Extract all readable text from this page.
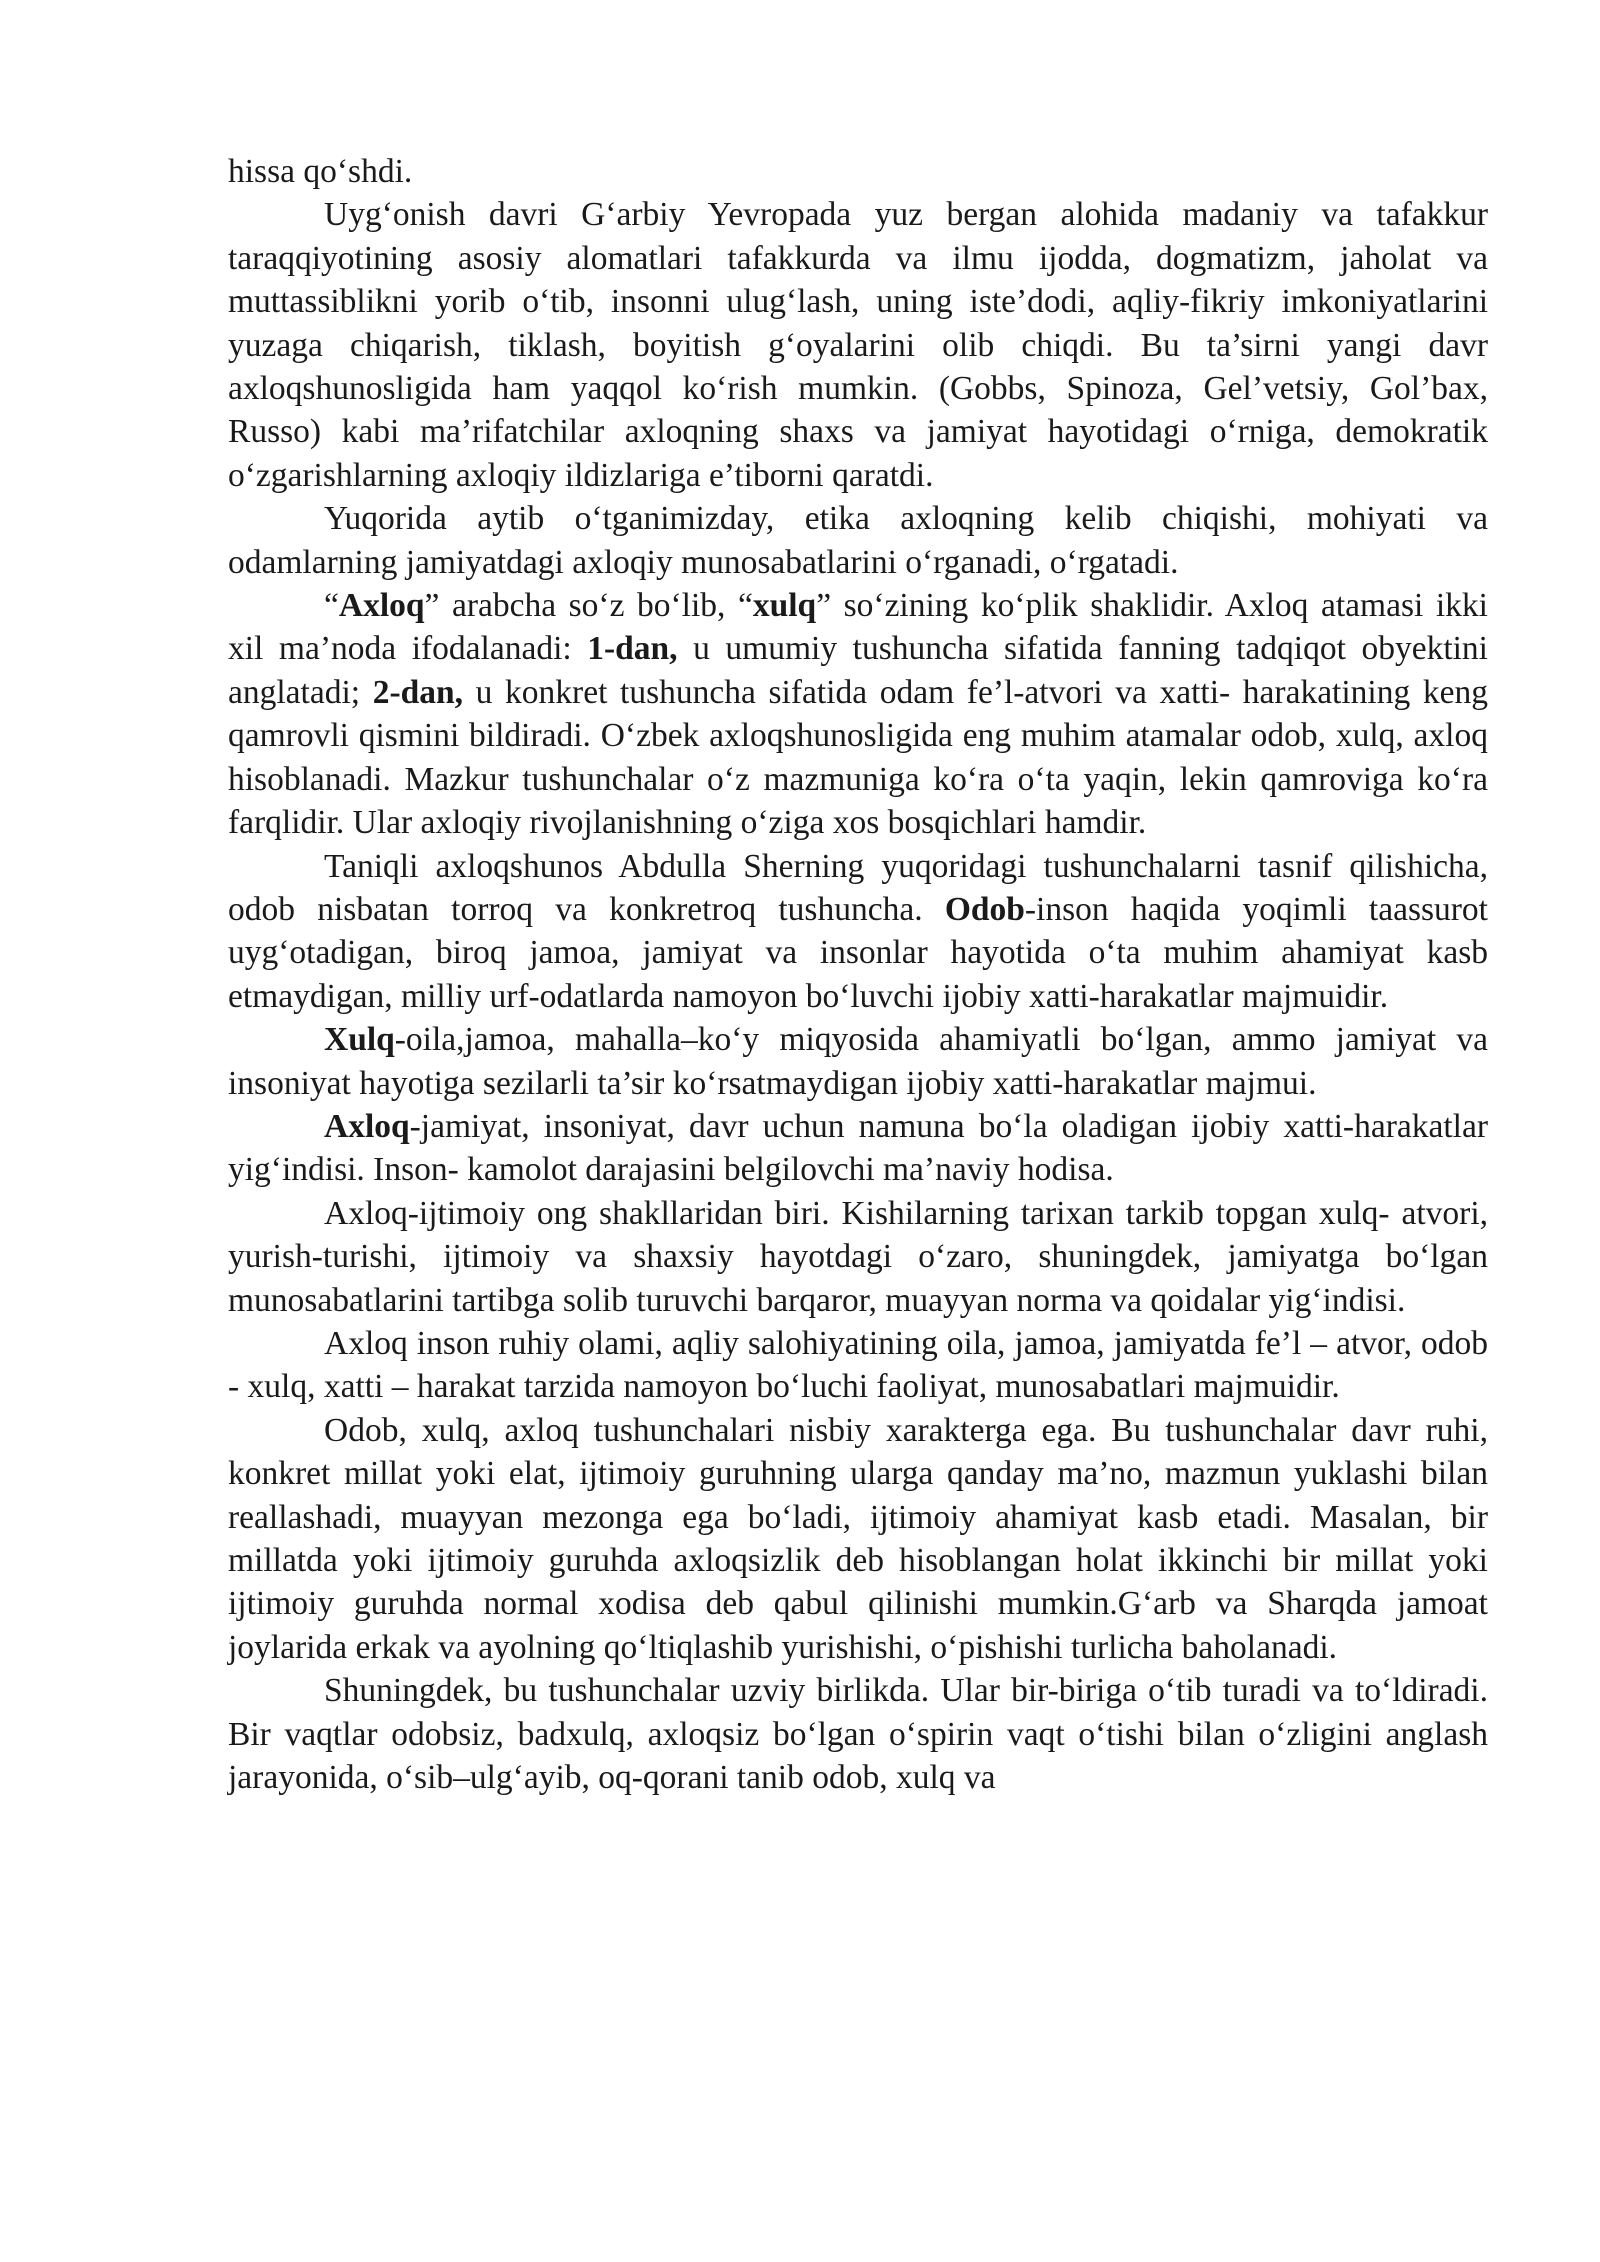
hissa qo‘shdi.

Uyg‘onish davri G‘arbiy Yevropada yuz bergan alohida madaniy va tafakkur taraqqiyotining asosiy alomatlari tafakkurda va ilmu ijodda, dogmatizm, jaholat va muttassiblikni yorib o‘tib, insonni ulug‘lash, uning iste’dodi, aqliy-fikriy imkoniyatlarini yuzaga chiqarish, tiklash, boyitish g‘oyalarini olib chiqdi. Bu ta’sirni yangi davr axloqshunosligida ham yaqqol ko‘rish mumkin. (Gobbs, Spinoza, Gel’vetsiy, Gol’bax, Russo) kabi ma’rifatchilar axloqning shaxs va jamiyat hayotidagi o‘rniga, demokratik o‘zgarishlarning axloqiy ildizlariga e’tiborni qaratdi.

Yuqorida aytib o‘tganimizday, etika axloqning kelib chiqishi, mohiyati va odamlarning jamiyatdagi axloqiy munosabatlarini o‘rganadi, o‘rgatadi.

“Axloq” arabcha so‘z bo‘lib, “xulq” so‘zining ko‘plik shaklidir. Axloq atamasi ikki xil ma’noda ifodalanadi: 1-dan, u umumiy tushuncha sifatida fanning tadqiqot obyektini anglatadi; 2-dan, u konkret tushuncha sifatida odam fe’l-atvori va xatti- harakatining keng qamrovli qismini bildiradi. O‘zbek axloqshunosligida eng muhim atamalar odob, xulq, axloq hisoblanadi. Mazkur tushunchalar o‘z mazmuniga ko‘ra o‘ta yaqin, lekin qamroviga ko‘ra farqlidir. Ular axloqiy rivojlanishning o‘ziga xos bosqichlari hamdir.

Taniqli axloqshunos Abdulla Sherning yuqoridagi tushunchalarni tasnif qilishicha, odob nisbatan torroq va konkretroq tushuncha. Odob-inson haqida yoqimli taassurot uyg‘otadigan, biroq jamoa, jamiyat va insonlar hayotida o‘ta muhim ahamiyat kasb etmaydigan, milliy urf-odatlarda namoyon bo‘luvchi ijobiy xatti-harakatlar majmuidir.

Xulq-oila,jamoa, mahalla–ko‘y miqyosida ahamiyatli bo‘lgan, ammo jamiyat va insoniyat hayotiga sezilarli ta’sir ko‘rsatmaydigan ijobiy xatti-harakatlar majmui.

Axloq-jamiyat, insoniyat, davr uchun namuna bo‘la oladigan ijobiy xatti-harakatlar yig‘indisi. Inson- kamolot darajasini belgilovchi ma’naviy hodisa.

Axloq-ijtimoiy ong shakllaridan biri. Kishilarning tarixan tarkib topgan xulq- atvori, yurish-turishi, ijtimoiy va shaxsiy hayotdagi o‘zaro, shuningdek, jamiyatga bo‘lgan munosabatlarini tartibga solib turuvchi barqaror, muayyan norma va qoidalar yig‘indisi.

Axloq inson ruhiy olami, aqliy salohiyatining oila, jamoa, jamiyatda fe’l – atvor, odob - xulq, xatti – harakat tarzida namoyon bo‘luchi faoliyat, munosabatlari majmuidir.

Odob, xulq, axloq tushunchalari nisbiy xarakterga ega. Bu tushunchalar davr ruhi, konkret millat yoki elat, ijtimoiy guruhning ularga qanday ma’no, mazmun yuklashi bilan reallashadi, muayyan mezonga ega bo‘ladi, ijtimoiy ahamiyat kasb etadi. Masalan, bir millatda yoki ijtimoiy guruhda axloqsizlik deb hisoblangan holat ikkinchi bir millat yoki ijtimoiy guruhda normal xodisa deb qabul qilinishi mumkin.G‘arb va Sharqda jamoat joylarida erkak va ayolning qo‘ltiqlashib yurishishi, o‘pishishi turlicha baholanadi.

Shuningdek, bu tushunchalar uzviy birlikda. Ular bir-biriga o‘tib turadi va to‘ldiradi. Bir vaqtlar odobsiz, badxulq, axloqsiz bo‘lgan o‘spirin vaqt o‘tishi bilan o‘zligini anglash jarayonida, o‘sib–ulg‘ayib, oq-qorani tanib odob, xulq va
